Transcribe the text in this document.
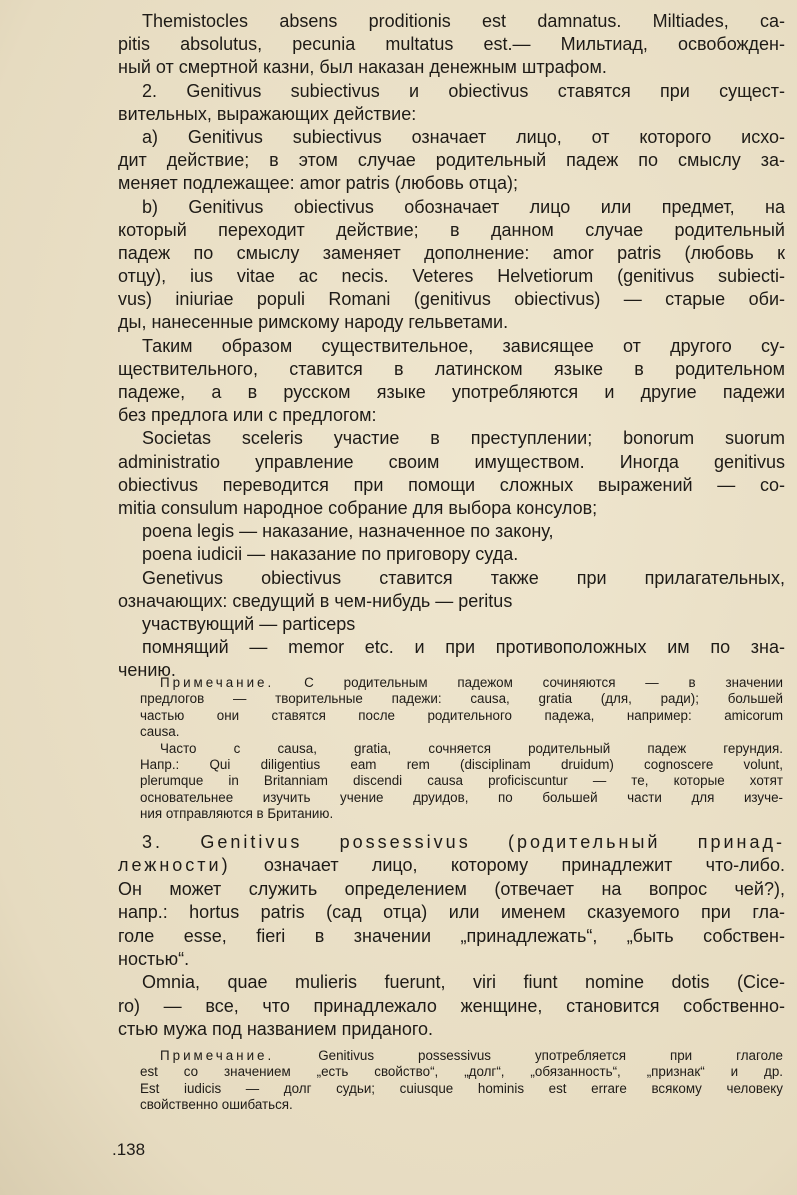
Themistocles absens proditionis est damnatus. Miltiades, ca-
pitis absolutus, pecunia multatus est.— Мильтиад, освобожден-
ный от смертной казни, был наказан денежным штрафом.
2. Genitivus subiectivus и obiectivus ставятся при сущест-
вительных, выражающих действие:
a) Genitivus subiectivus означает лицо, от которого исхо-
дит действие; в этом случае родительный падеж по смыслу за-
меняет подлежащее: amor patris (любовь отца);
b) Genitivus obiectivus обозначает лицо или предмет, на
который переходит действие; в данном случае родительный
падеж по смыслу заменяет дополнение: amor patris (любовь к
отцу), ius vitae ac necis. Veteres Helvetiorum (genitivus subiecti-
vus) iniuriae populi Romani (genitivus obiectivus) — старые оби-
ды, нанесенные римскому народу гельветами.
Таким образом существительное, зависящее от другого су-
ществительного, ставится в латинском языке в родительном
падеже, а в русском языке употребляются и другие падежи
без предлога или с предлогом:
Societas sceleris участие в преступлении; bonorum suorum
administratio управление своим имуществом. Иногда genitivus
obiectivus переводится при помощи сложных выражений — co-
mitia consulum народное собрание для выбора консулов;
poena legis — наказание, назначенное по закону,
poena iudicii — наказание по приговору суда.
Genetivus obiectivus ставится также при прилагательных,
означающих: сведущий в чем-нибудь — peritus
участвующий — particeps
помнящий — memor etc. и при противоположных им по зна-
чению.
Примечание. С родительным падежом сочиняются — в значении
предлогов — творительные падежи: causa, gratia (для, ради); большей
частью они ставятся после родительного падежа, например: amicorum
causa.
Часто с causa, gratia, сочняется родительный падеж герундия.
Напр.: Qui diligentius eam rem (disciplinam druidum) cognoscere volunt,
plerumque in Britanniam discendi causa proficiscuntur — те, которые хотят
основательнее изучить учение друидов, по большей части для изуче-
ния отправляются в Британию.
3. Genitivus possessivus (родительный принад-
лежности) означает лицо, которому принадлежит что-либо.
Он может служить определением (отвечает на вопрос чей?),
напр.: hortus patris (сад отца) или именем сказуемого при гла-
голе esse, fieri в значении „принадлежать“, „быть собствен-
ностью“.
Omnia, quae mulieris fuerunt, viri fiunt nomine dotis (Cice-
ro) — все, что принадлежало женщине, становится собственно-
стью мужа под названием приданого.
Примечание. Genitivus possessivus употребляется при глаголе
est со значением „есть свойство“, „долг“, „обязанность“, „признак“ и др.
Est iudicis — долг судьи; cuiusque hominis est errare всякому человеку
свойственно ошибаться.
.138
